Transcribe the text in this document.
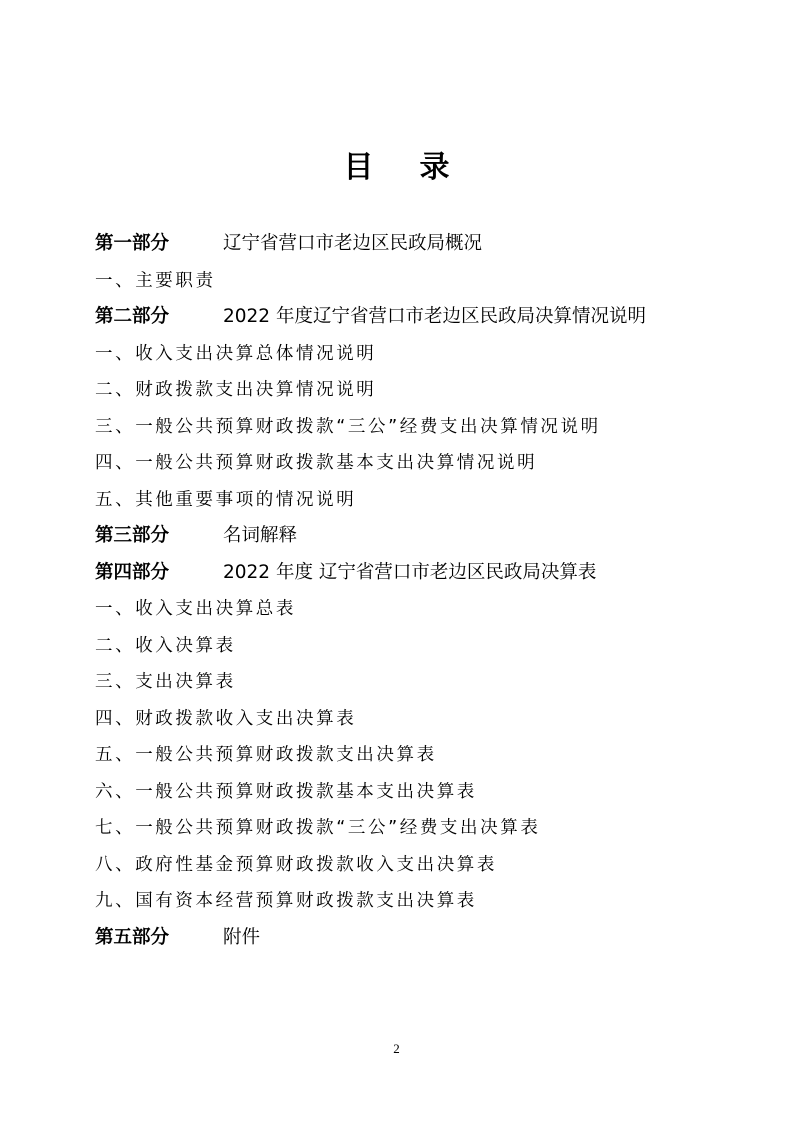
目录
第一部分	辽宁省营口市老边区民政局概况
一、主要职责
第二部分	2022 年度辽宁省营口市老边区民政局决算情况说明
一、收入支出决算总体情况说明
二、财政拨款支出决算情况说明
三、一般公共预算财政拨款“三公”经费支出决算情况说明
四、一般公共预算财政拨款基本支出决算情况说明
五、其他重要事项的情况说明
第三部分	名词解释
第四部分	2022 年度 辽宁省营口市老边区民政局决算表
一、收入支出决算总表
二、收入决算表
三、支出决算表
四、财政拨款收入支出决算表
五、一般公共预算财政拨款支出决算表
六、一般公共预算财政拨款基本支出决算表
七、一般公共预算财政拨款“三公”经费支出决算表
八、政府性基金预算财政拨款收入支出决算表
九、国有资本经营预算财政拨款支出决算表
第五部分	附件
2
